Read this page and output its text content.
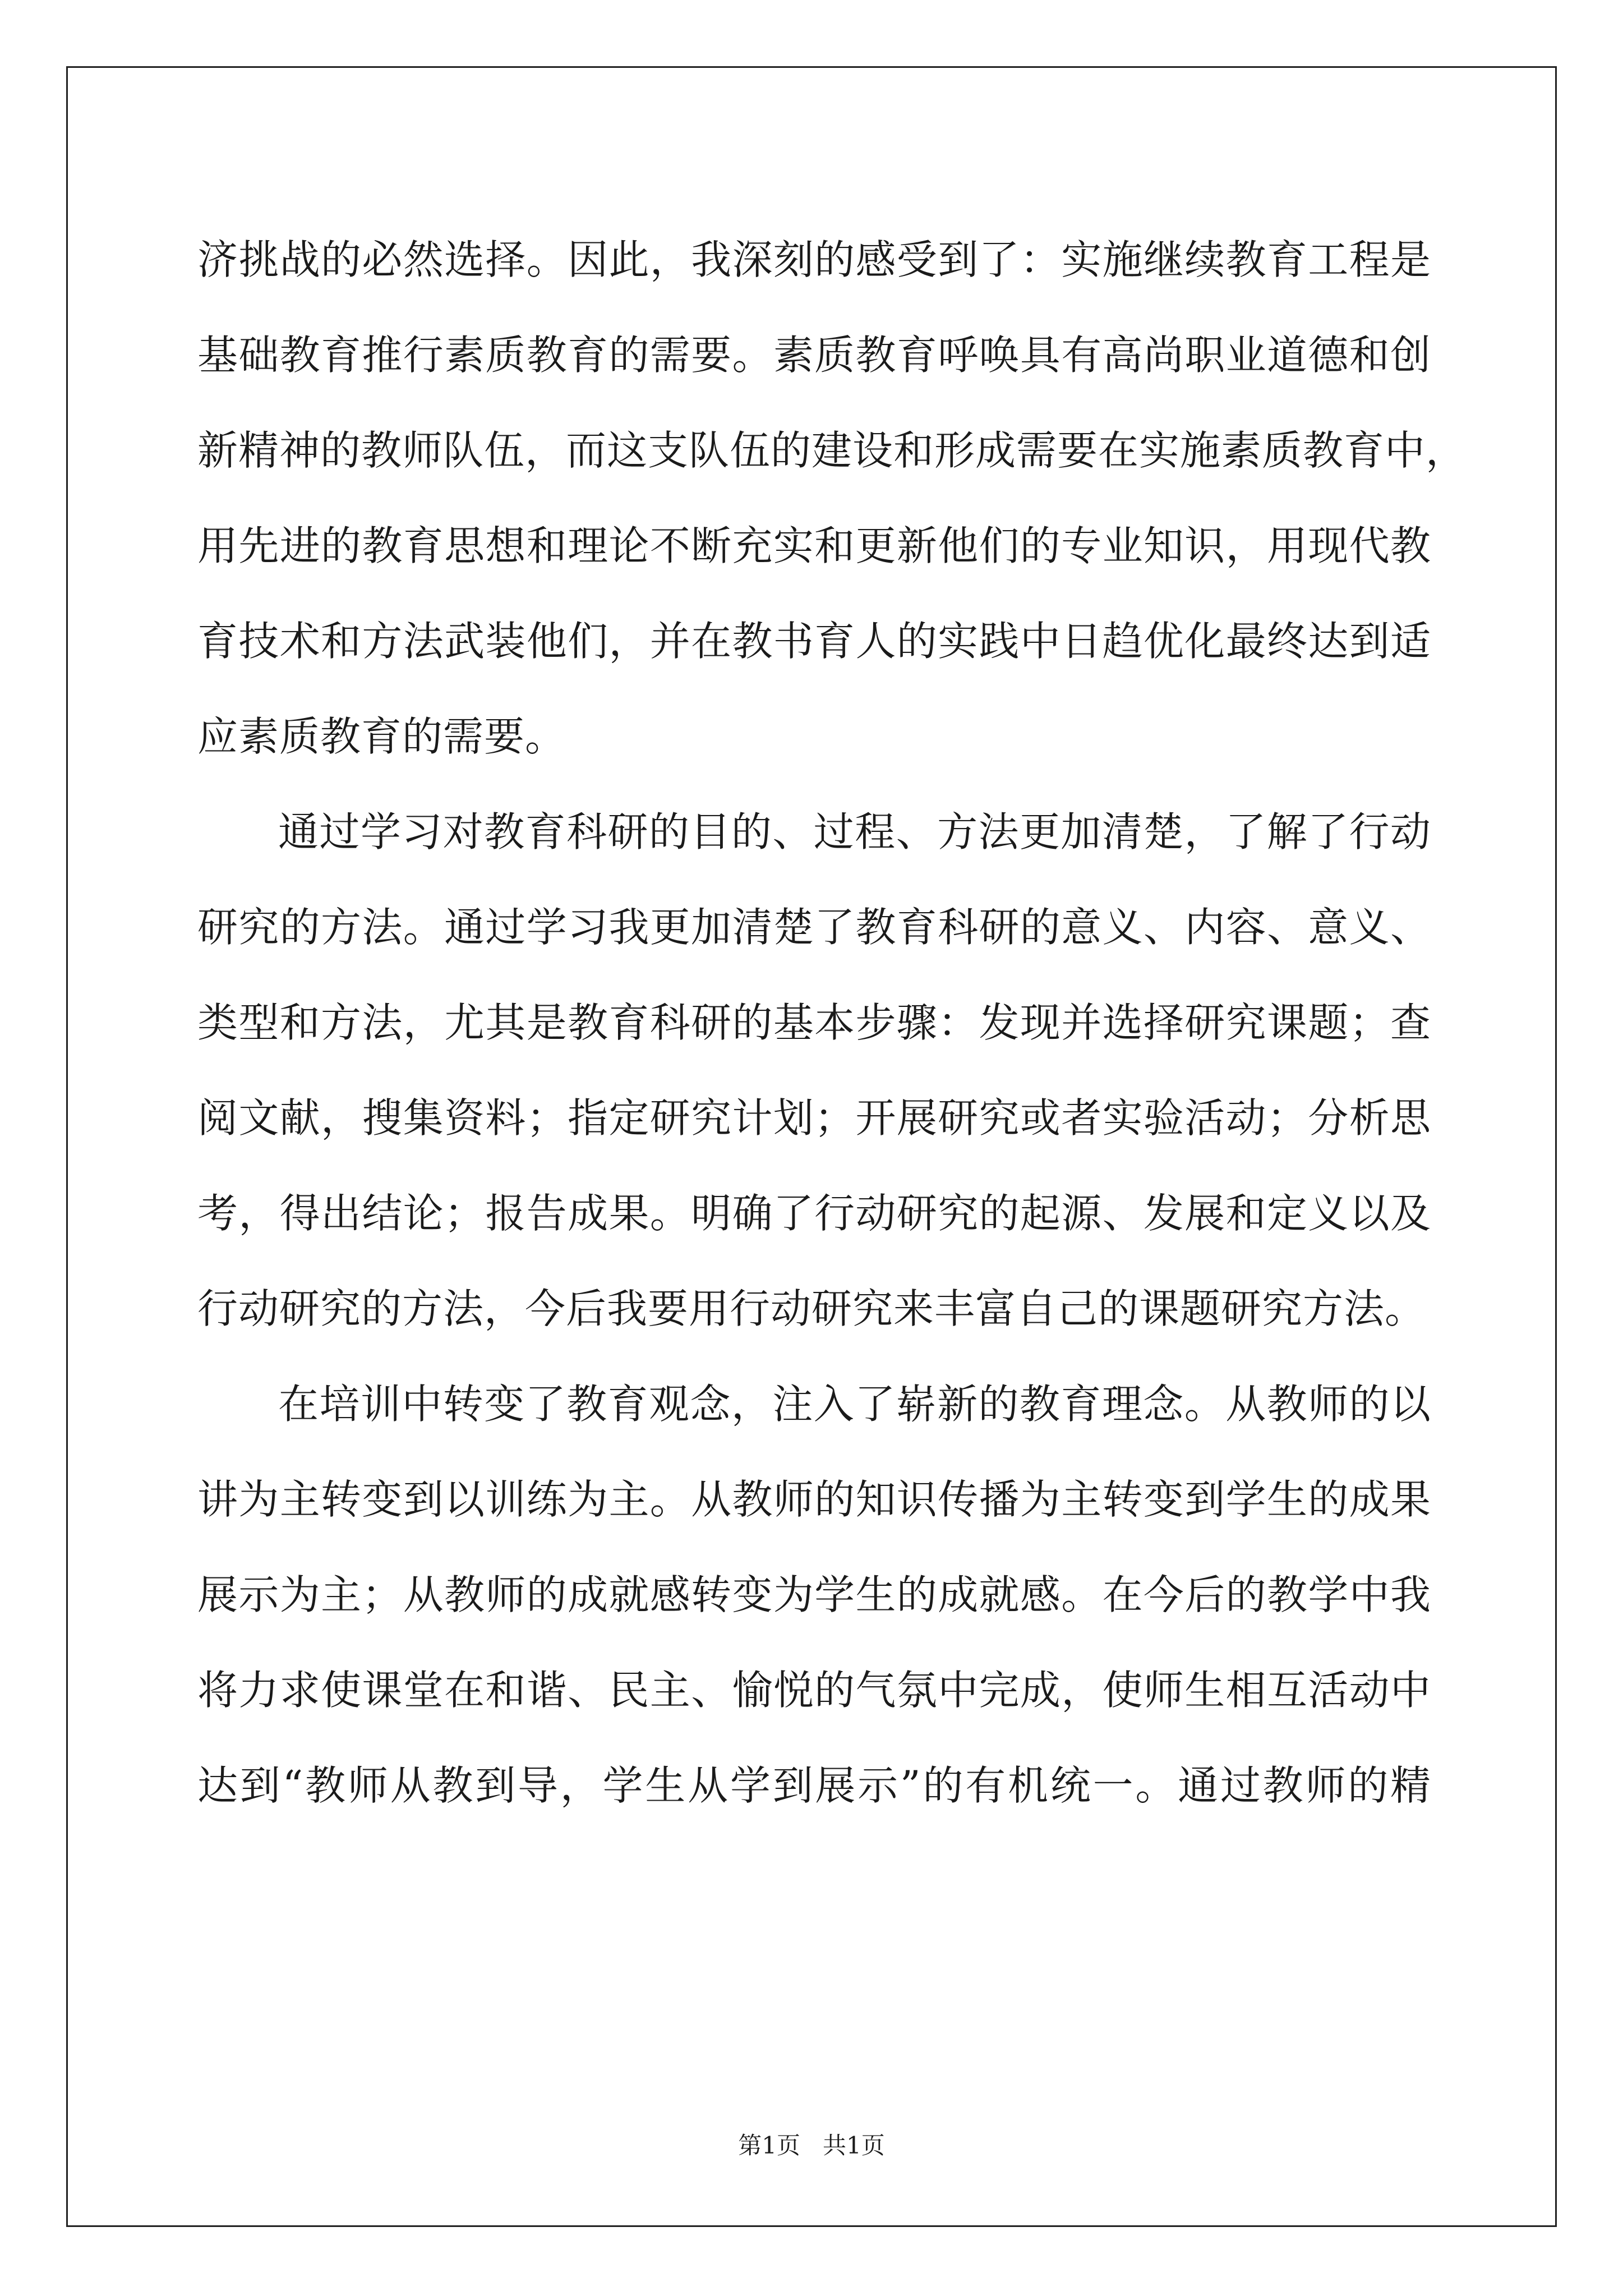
济挑战的必然选择。因此，我深刻的感受到了：实施继续教育工程是
基础教育推行素质教育的需要。素质教育呼唤具有高尚职业道德和创
新精神的教师队伍，而这支队伍的建设和形成需要在实施素质教育中，
用先进的教育思想和理论不断充实和更新他们的专业知识，用现代教
育技术和方法武装他们，并在教书育人的实践中日趋优化最终达到适
应素质教育的需要。
通过学习对教育科研的目的、过程、方法更加清楚，了解了行动
研究的方法。通过学习我更加清楚了教育科研的意义、内容、意义、
类型和方法，尤其是教育科研的基本步骤：发现并选择研究课题；查
阅文献，搜集资料；指定研究计划；开展研究或者实验活动；分析思
考，得出结论；报告成果。明确了行动研究的起源、发展和定义以及
行动研究的方法，今后我要用行动研究来丰富自己的课题研究方法。
在培训中转变了教育观念，注入了崭新的教育理念。从教师的以
讲为主转变到以训练为主。从教师的知识传播为主转变到学生的成果
展示为主；从教师的成就感转变为学生的成就感。在今后的教学中我
将力求使课堂在和谐、民主、愉悦的气氛中完成，使师生相互活动中
达到“教师从教到导，学生从学到展示”的有机统一。通过教师的精
第1页   共1页
